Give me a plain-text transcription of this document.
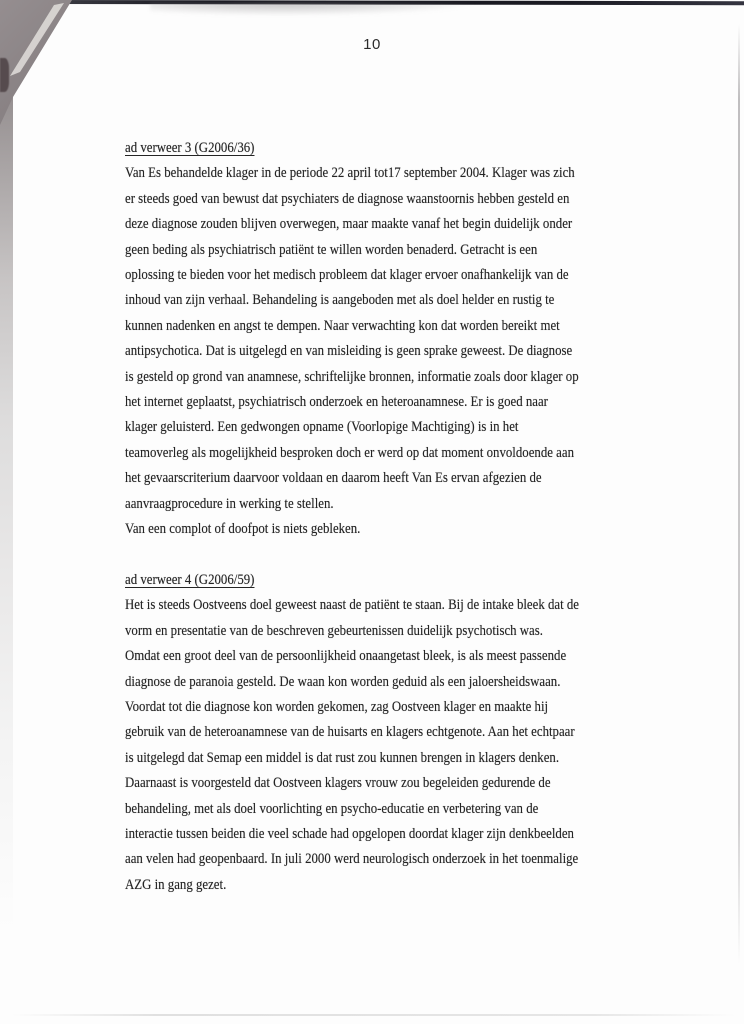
10
ad verweer 3 (G2006/36)
Van Es behandelde klager in de periode 22 april tot17 september 2004. Klager was zich
er steeds goed van bewust dat psychiaters de diagnose waanstoornis hebben gesteld en
deze diagnose zouden blijven overwegen, maar maakte vanaf het begin duidelijk onder
geen beding als psychiatrisch patiënt te willen worden benaderd. Getracht is een
oplossing te bieden voor het medisch probleem dat klager ervoer onafhankelijk van de
inhoud van zijn verhaal. Behandeling is aangeboden met als doel helder en rustig te
kunnen nadenken en angst te dempen. Naar verwachting kon dat worden bereikt met
antipsychotica. Dat is uitgelegd en van misleiding is geen sprake geweest. De diagnose
is gesteld op grond van anamnese, schriftelijke bronnen, informatie zoals door klager op
het internet geplaatst, psychiatrisch onderzoek en heteroanamnese. Er is goed naar
klager geluisterd. Een gedwongen opname (Voorlopige Machtiging) is in het
teamoverleg als mogelijkheid besproken doch er werd op dat moment onvoldoende aan
het gevaarscriterium daarvoor voldaan en daarom heeft Van Es ervan afgezien de
aanvraagprocedure in werking te stellen.
Van een complot of doofpot is niets gebleken.
ad verweer 4 (G2006/59)
Het is steeds Oostveens doel geweest naast de patiënt te staan. Bij de intake bleek dat de
vorm en presentatie van de beschreven gebeurtenissen duidelijk psychotisch was.
Omdat een groot deel van de persoonlijkheid onaangetast bleek, is als meest passende
diagnose de paranoia gesteld. De waan kon worden geduid als een jaloersheidswaan.
Voordat tot die diagnose kon worden gekomen, zag Oostveen klager en maakte hij
gebruik van de heteroanamnese van de huisarts en klagers echtgenote. Aan het echtpaar
is uitgelegd dat Semap een middel is dat rust zou kunnen brengen in klagers denken.
Daarnaast is voorgesteld dat Oostveen klagers vrouw zou begeleiden gedurende de
behandeling, met als doel voorlichting en psycho-educatie en verbetering van de
interactie tussen beiden die veel schade had opgelopen doordat klager zijn denkbeelden
aan velen had geopenbaard. In juli 2000 werd neurologisch onderzoek in het toenmalige
AZG in gang gezet.
